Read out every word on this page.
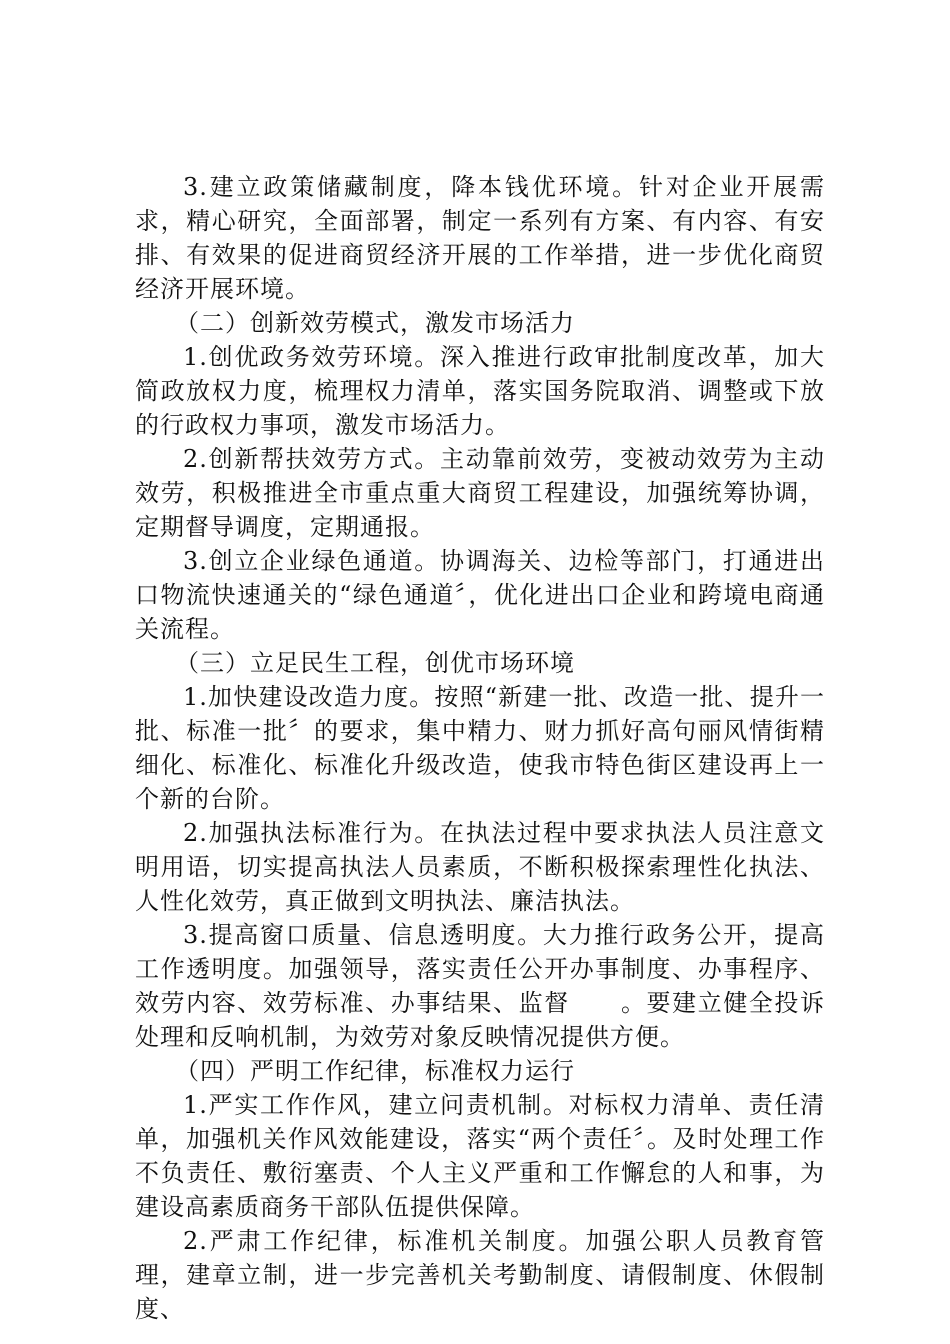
3.建立政策储藏制度，降本钱优环境。针对企业开展需求，精心研究，全面部署，制定一系列有方案、有内容、有安排、有效果的促进商贸经济开展的工作举措，进一步优化商贸经济开展环境。

（二）创新效劳模式，激发市场活力

1.创优政务效劳环境。深入推进行政审批制度改革，加大简政放权力度，梳理权力清单，落实国务院取消、调整或下放的行政权力事项，激发市场活力。

2.创新帮扶效劳方式。主动靠前效劳，变被动效劳为主动效劳，积极推进全市重点重大商贸工程建设，加强统筹协调，定期督导调度，定期通报。

3.创立企业绿色通道。协调海关、边检等部门，打通进出口物流快速通关的“绿色通道〞，优化进出口企业和跨境电商通关流程。

（三）立足民生工程，创优市场环境

1.加快建设改造力度。按照“新建一批、改造一批、提升一批、标准一批〞的要求，集中精力、财力抓好高句丽风情街精细化、标准化、标准化升级改造，使我市特色街区建设再上一个新的台阶。

2.加强执法标准行为。在执法过程中要求执法人员注意文明用语，切实提高执法人员素质，不断积极探索理性化执法、人性化效劳，真正做到文明执法、廉洁执法。

3.提高窗口质量、信息透明度。大力推行政务公开，提高工作透明度。加强领导，落实责任公开办事制度、办事程序、效劳内容、效劳标准、办事结果、监督　　。要建立健全投诉处理和反响机制，为效劳对象反映情况提供方便。

（四）严明工作纪律，标准权力运行

1.严实工作作风，建立问责机制。对标权力清单、责任清单，加强机关作风效能建设，落实“两个责任〞。及时处理工作不负责任、敷衍塞责、个人主义严重和工作懈怠的人和事，为建设高素质商务干部队伍提供保障。

2.严肃工作纪律，标准机关制度。加强公职人员教育管理，建章立制，进一步完善机关考勤制度、请假制度、休假制度、
